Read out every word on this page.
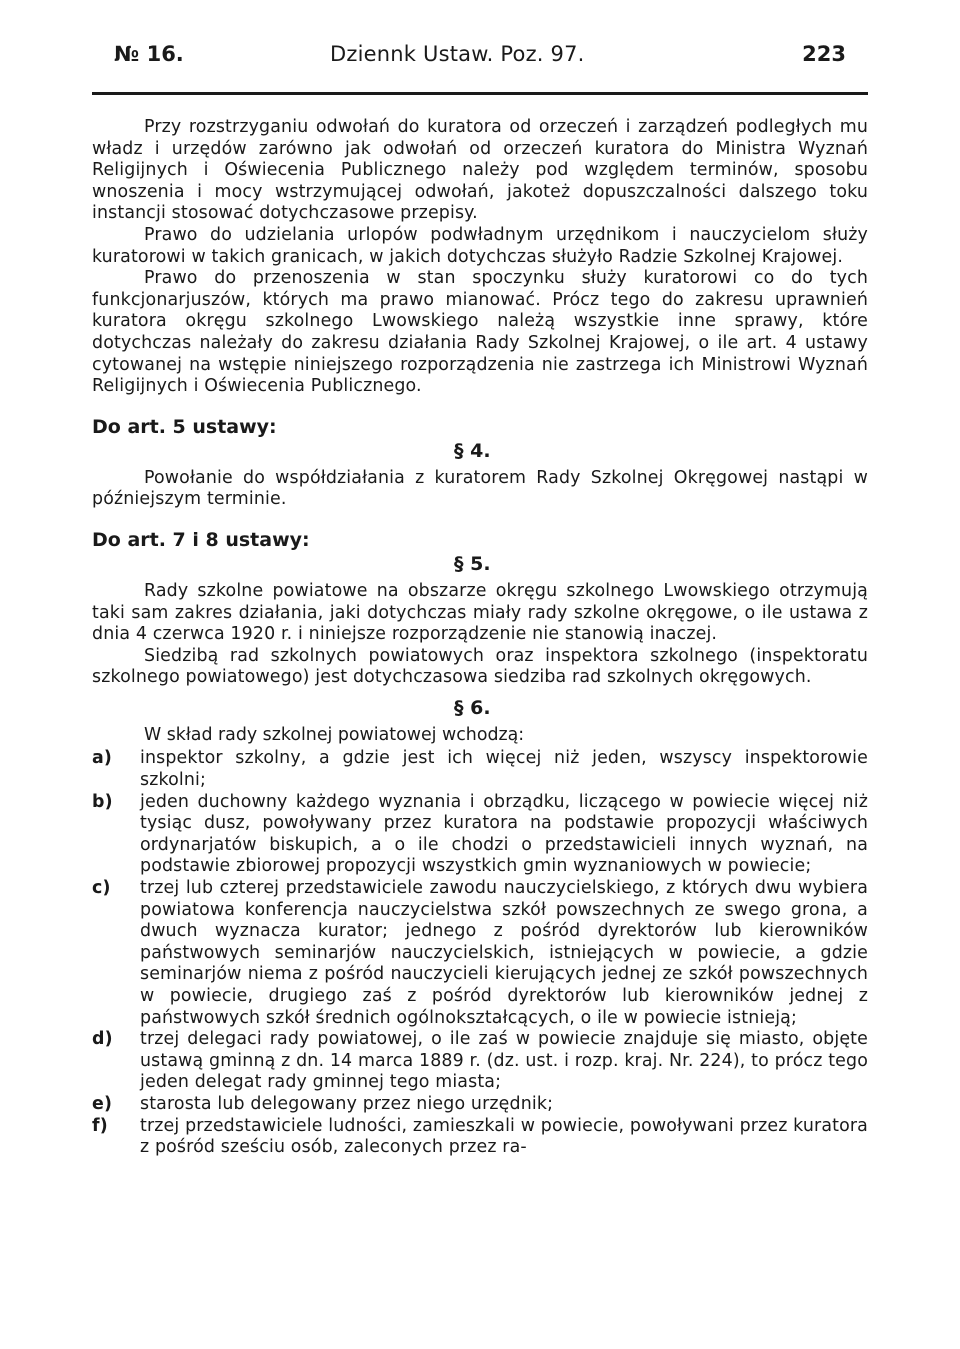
№ 16.	Dziennk Ustaw. Poz. 97.	223

Przy rozstrzyganiu odwołań do kuratora od orzeczeń i zarządzeń podległych mu władz i urzędów zarówno jak odwołań od orzeczeń kuratora do Ministra Wyznań Religijnych i Oświecenia Publicznego należy pod względem terminów, sposobu wnoszenia i mocy wstrzymującej odwołań, jakoteż dopuszczalności dalszego toku instancji stosować dotychczasowe przepisy.

Prawo do udzielania urlopów podwładnym urzędnikom i nauczycielom służy kuratorowi w takich granicach, w jakich dotychczas służyło Radzie Szkolnej Krajowej.

Prawo do przenoszenia w stan spoczynku służy kuratorowi co do tych funkcjonarjuszów, których ma prawo mianować. Prócz tego do zakresu uprawnień kuratora okręgu szkolnego Lwowskiego należą wszystkie inne sprawy, które dotychczas należały do zakresu działania Rady Szkolnej Krajowej, o ile art. 4 ustawy cytowanej na wstępie niniejszego rozporządzenia nie zastrzega ich Ministrowi Wyznań Religijnych i Oświecenia Publicznego.

Do art. 5 ustawy:
§ 4.

Powołanie do współdziałania z kuratorem Rady Szkolnej Okręgowej nastąpi w późniejszym terminie.

Do art. 7 i 8 ustawy:
§ 5.

Rady szkolne powiatowe na obszarze okręgu szkolnego Lwowskiego otrzymują taki sam zakres działania, jaki dotychczas miały rady szkolne okręgowe, o ile ustawa z dnia 4 czerwca 1920 r. i niniejsze rozporządzenie nie stanowią inaczej.

Siedzibą rad szkolnych powiatowych oraz inspektora szkolnego (inspektoratu szkolnego powiatowego) jest dotychczasowa siedziba rad szkolnych okręgowych.

§ 6.
W skład rady szkolnej powiatowej wchodzą:
a)	inspektor szkolny, a gdzie jest ich więcej niż jeden, wszyscy inspektorowie szkolni;
b)	jeden duchowny każdego wyznania i obrządku, liczącego w powiecie więcej niż tysiąc dusz, powoływany przez kuratora na podstawie propozycji właściwych ordynarjatów biskupich, a o ile chodzi o przedstawicieli innych wyznań, na podstawie zbiorowej propozycji wszystkich gmin wyznaniowych w powiecie;
c)	trzej lub czterej przedstawiciele zawodu nauczycielskiego, z których dwu wybiera powiatowa konferencja nauczycielstwa szkół powszechnych ze swego grona, a dwuch wyznacza kurator; jednego z pośród dyrektorów lub kierowników państwowych seminarjów nauczycielskich, istniejących w powiecie, a gdzie seminarjów niema z pośród nauczycieli kierujących jednej ze szkół powszechnych w powiecie, drugiego zaś z pośród dyrektorów lub kierowników jednej z państwowych szkół średnich ogólnokształcących, o ile w powiecie istnieją;
d)	trzej delegaci rady powiatowej, o ile zaś w powiecie znajduje się miasto, objęte ustawą gminną z dn. 14 marca 1889 r. (dz. ust. i rozp. kraj. Nr. 224), to prócz tego jeden delegat rady gminnej tego miasta;
e)	starosta lub delegowany przez niego urzędnik;
f)	trzej przedstawiciele ludności, zamieszkali w powiecie, powoływani przez kuratora z pośród sześciu osób, zaleconych przez ra-
